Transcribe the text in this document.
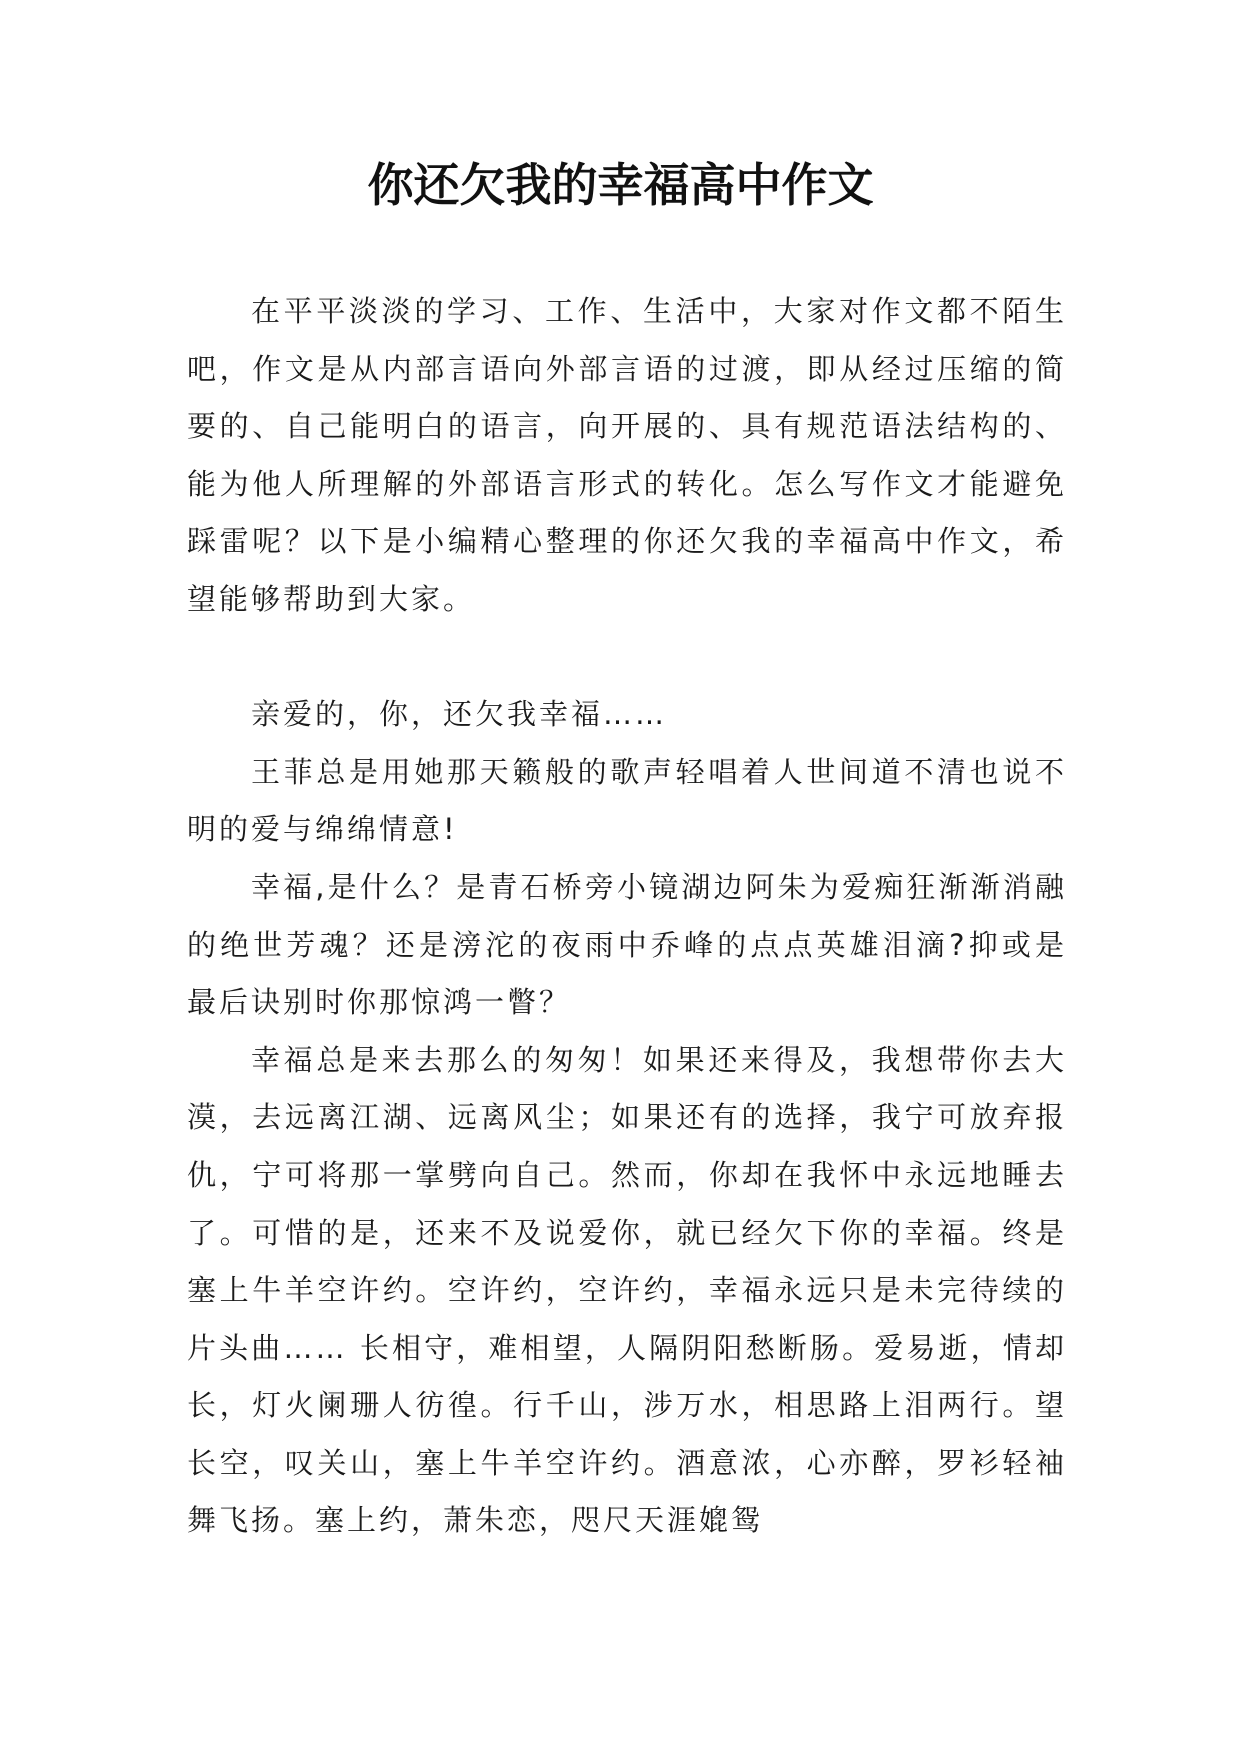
你还欠我的幸福高中作文

在平平淡淡的学习、工作、生活中，大家对作文都不陌生吧，作文是从内部言语向外部言语的过渡，即从经过压缩的简要的、自己能明白的语言，向开展的、具有规范语法结构的、能为他人所理解的外部语言形式的转化。怎么写作文才能避免踩雷呢？以下是小编精心整理的你还欠我的幸福高中作文，希望能够帮助到大家。

亲爱的，你，还欠我幸福……

王菲总是用她那天籁般的歌声轻唱着人世间道不清也说不明的爱与绵绵情意!

幸福,是什么？是青石桥旁小镜湖边阿朱为爱痴狂渐渐消融的绝世芳魂？还是滂沱的夜雨中乔峰的点点英雄泪滴?抑或是最后诀别时你那惊鸿一瞥？

幸福总是来去那么的匆匆！如果还来得及，我想带你去大漠，去远离江湖、远离风尘；如果还有的选择，我宁可放弃报仇，宁可将那一掌劈向自己。然而，你却在我怀中永远地睡去了。可惜的是，还来不及说爱你，就已经欠下你的幸福。终是塞上牛羊空许约。空许约，空许约，幸福永远只是未完待续的片头曲…… 长相守，难相望，人隔阴阳愁断肠。爱易逝，情却长，灯火阑珊人彷徨。行千山，涉万水，相思路上泪两行。望长空，叹关山，塞上牛羊空许约。酒意浓，心亦醉，罗衫轻袖舞飞扬。塞上约，萧朱恋，咫尺天涯媲鸳
